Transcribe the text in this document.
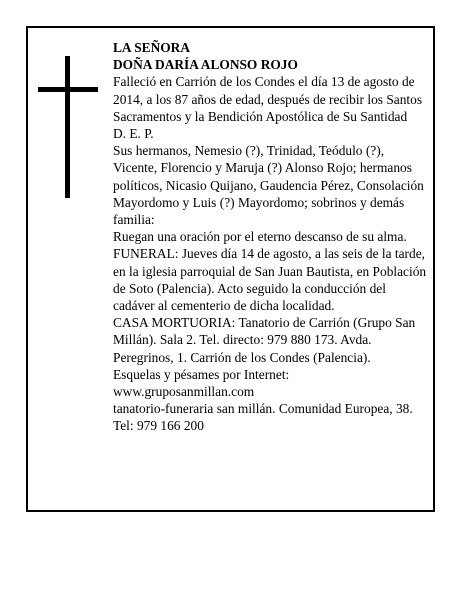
LA SEÑORA

DOÑA DARÍA ALONSO ROJO

Falleció en Carrión de los Condes el día 13 de agosto de 2014, a los 87 años de edad, después de recibir los Santos Sacramentos y la Bendición Apostólica de Su Santidad

D. E. P.

Sus hermanos, Nemesio (?), Trinidad, Teódulo (?), Vicente, Florencio y Maruja (?) Alonso Rojo; hermanos políticos, Nicasio Quijano, Gaudencia Pérez, Consolación Mayordomo y Luis (?) Mayordomo; sobrinos y demás familia:

Ruegan una oración por el eterno descanso de su alma.

FUNERAL: Jueves día 14 de agosto, a las seis de la tarde, en la iglesia parroquial de San Juan Bautista, en Población de Soto (Palencia). Acto seguido la conducción del cadáver al cementerio de dicha localidad.

CASA MORTUORIA: Tanatorio de Carrión (Grupo San Millán). Sala 2. Tel. directo: 979 880 173. Avda. Peregrinos, 1. Carrión de los Condes (Palencia).

Esquelas y pésames por Internet:

www.gruposanmillan.com

tanatorio-funeraria san millán. Comunidad Europea, 38. Tel: 979 166 200
